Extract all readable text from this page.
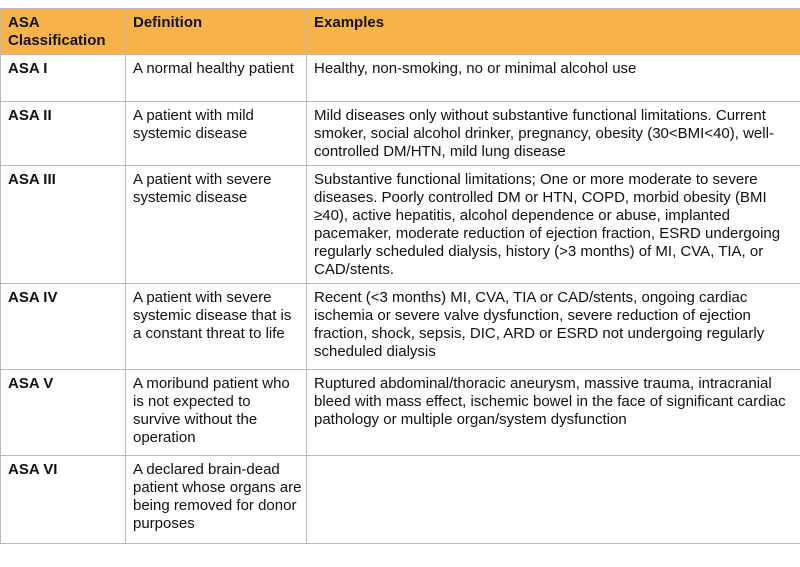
ASA Classification	Definition	Examples
ASA I	A normal healthy patient	Healthy, non-smoking, no or minimal alcohol use
ASA II	A patient with mild systemic disease	Mild diseases only without substantive functional limitations. Current smoker, social alcohol drinker, pregnancy, obesity (30<BMI<40), well-controlled DM/HTN, mild lung disease
ASA III	A patient with severe systemic disease	Substantive functional limitations; One or more moderate to severe diseases. Poorly controlled DM or HTN, COPD, morbid obesity (BMI ≥40), active hepatitis, alcohol dependence or abuse, implanted pacemaker, moderate reduction of ejection fraction, ESRD undergoing regularly scheduled dialysis, history (>3 months) of MI, CVA, TIA, or CAD/stents.
ASA IV	A patient with severe systemic disease that is a constant threat to life	Recent (<3 months) MI, CVA, TIA or CAD/stents, ongoing cardiac ischemia or severe valve dysfunction, severe reduction of ejection fraction, shock, sepsis, DIC, ARD or ESRD not undergoing regularly scheduled dialysis
ASA V	A moribund patient who is not expected to survive without the operation	Ruptured abdominal/thoracic aneurysm, massive trauma, intracranial bleed with mass effect, ischemic bowel in the face of significant cardiac pathology or multiple organ/system dysfunction
ASA VI	A declared brain-dead patient whose organs are being removed for donor purposes	
